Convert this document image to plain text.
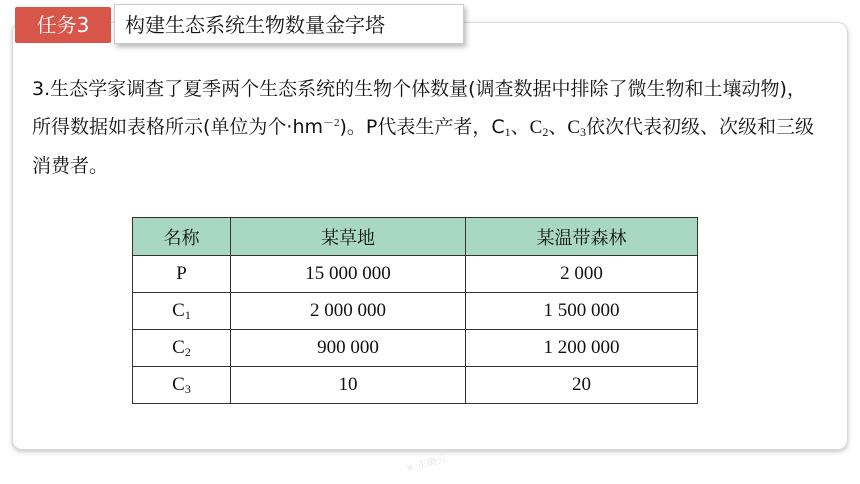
任务3	构建生态系统生物数量金字塔
3.生态学家调查了夏季两个生态系统的生物个体数量(调查数据中排除了微生物和土壤动物)，所得数据如表格所示(单位为个$\cdot hm^{-2}$)。P代表生产者，$C_1$、$C_2$、$C_3$依次代表初级、次级和三级消费者。
名称	某草地	某温带森林
P	15 000 000	2 000
$C_1$	2 000 000	1 500 000
$C_2$	900 000	1 200 000
$C_3$	10	20
✕ 正确云
